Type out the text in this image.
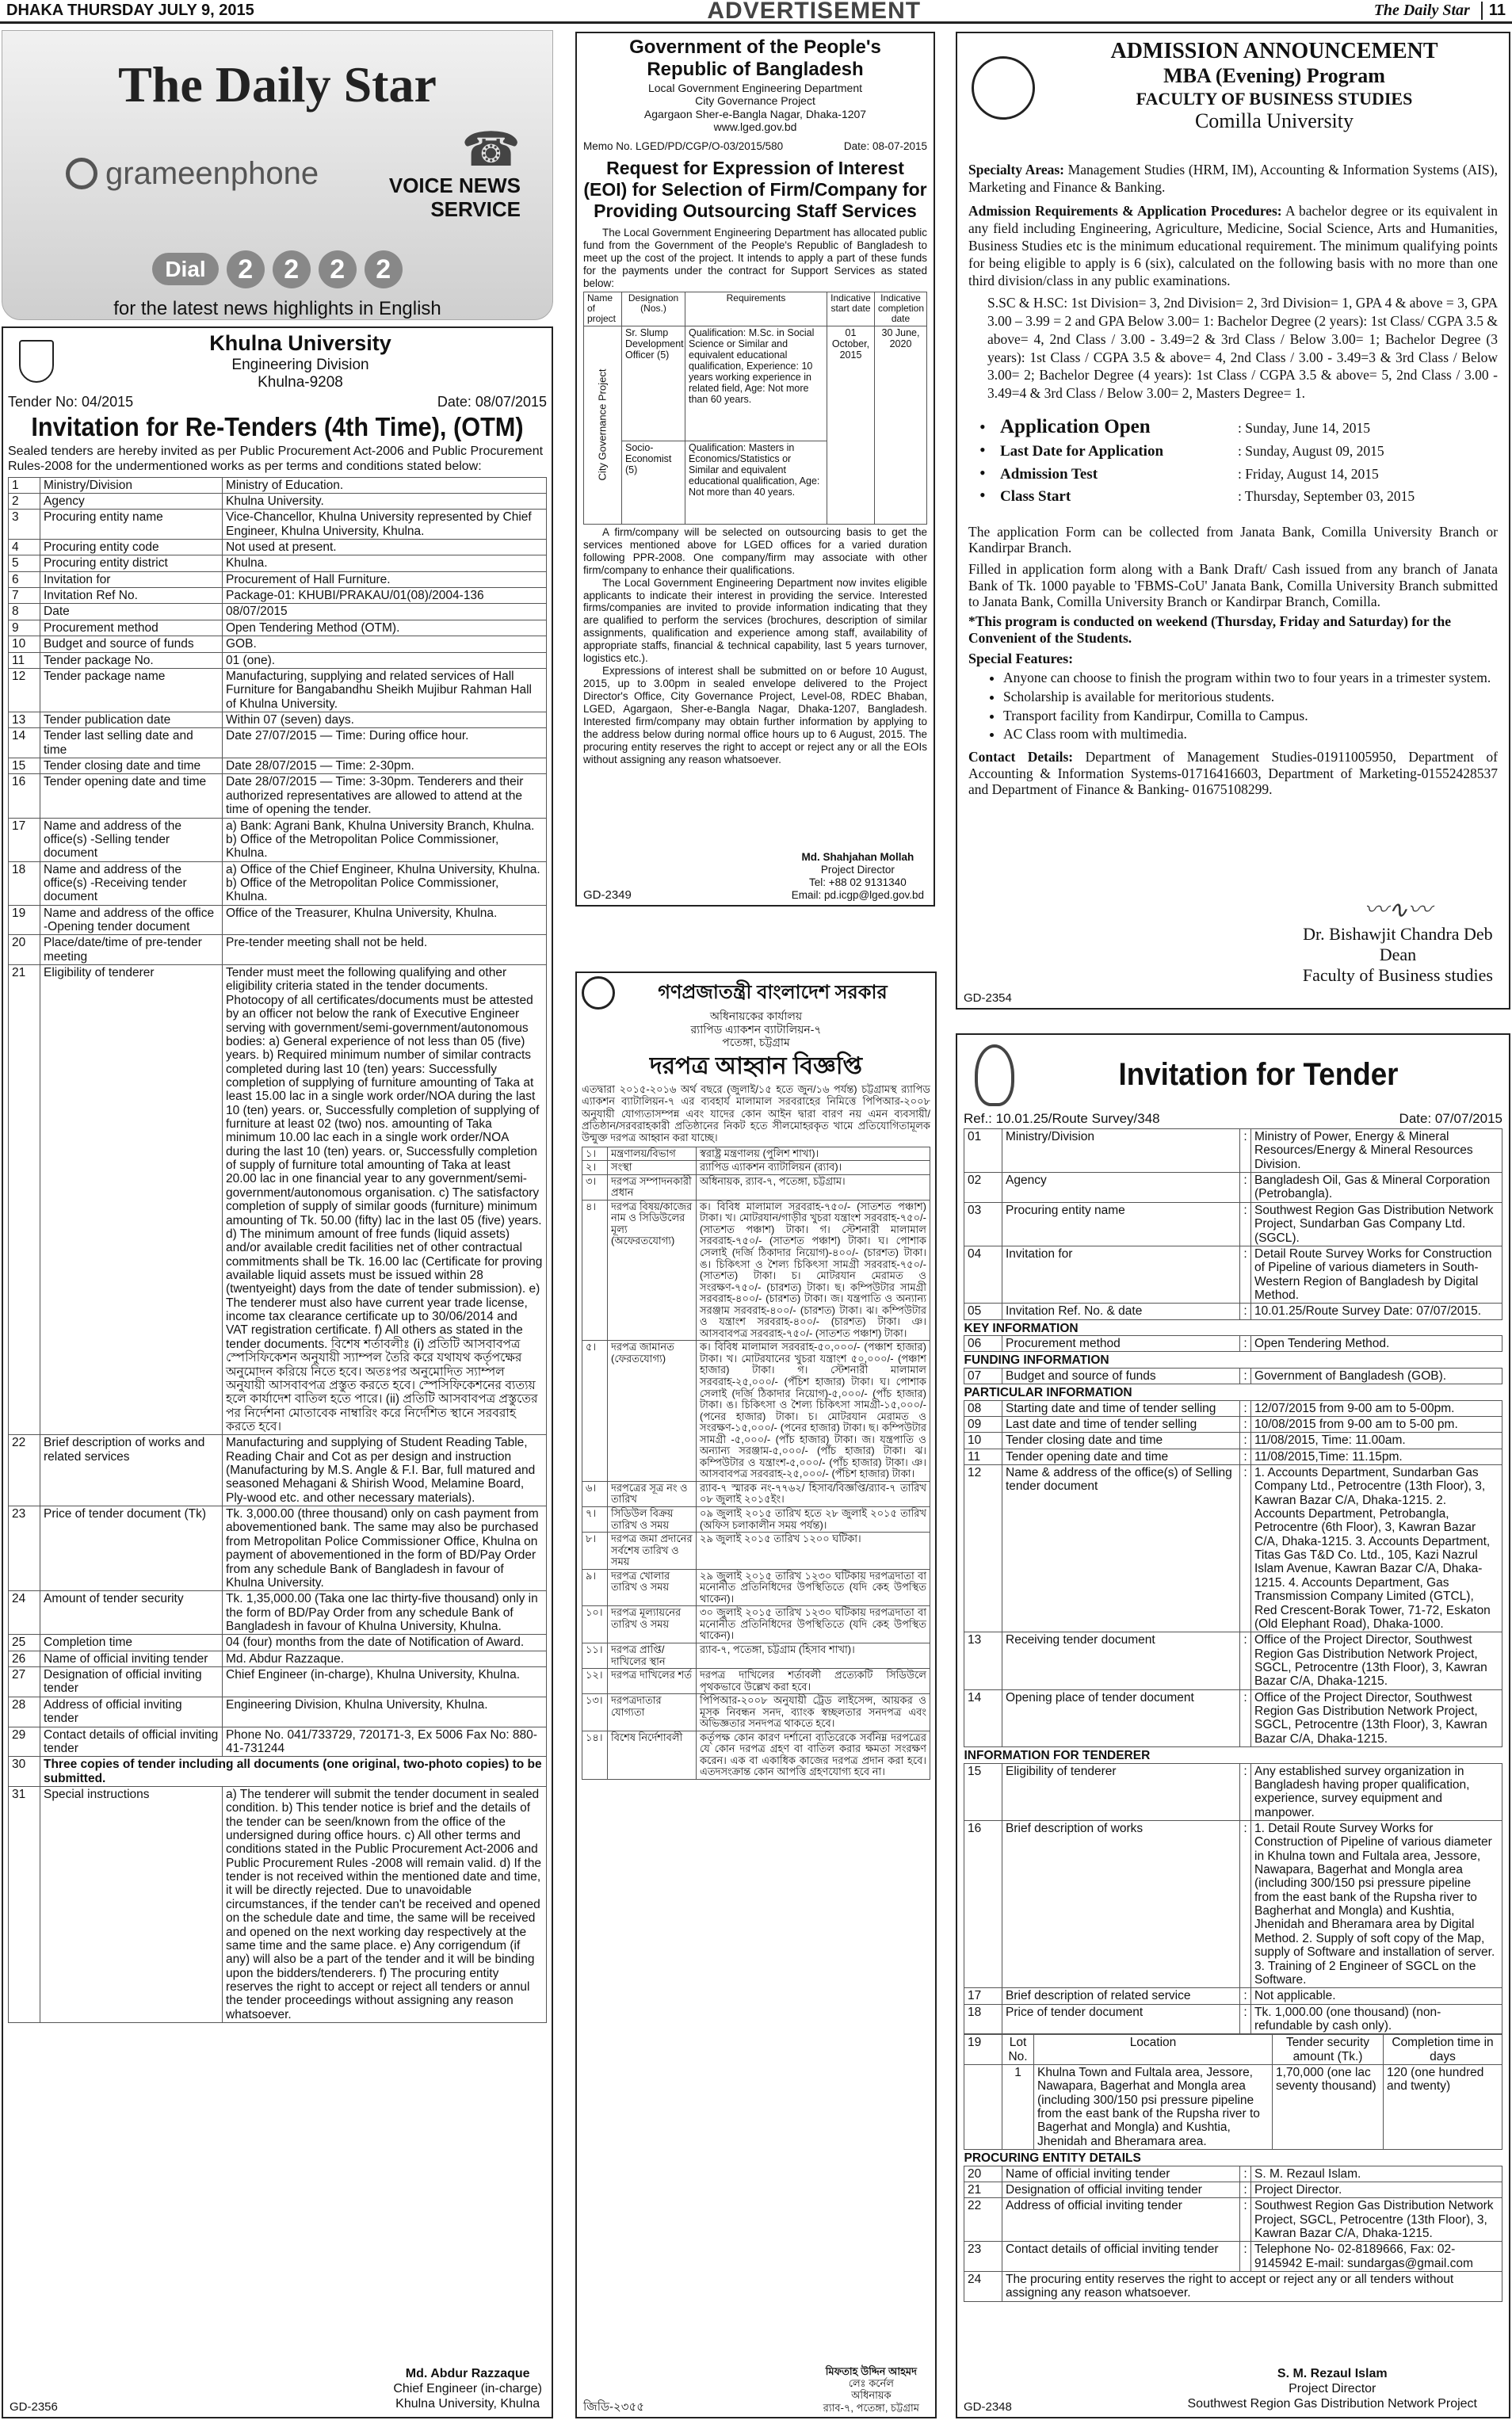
DHAKA THURSDAY JULY 9, 2015	ADVERTISEMENT	The Daily Star	11
The Daily Star
grameenphone	☎
VOICE NEWS SERVICE
Dial	2	2	2	2
for the latest news highlights in English
Khulna University
Engineering Division
Khulna-9208
Tender No: 04/2015	Date: 08/07/2015
Invitation for Re-Tenders (4th Time), (OTM)
Sealed tenders are hereby invited as per Public Procurement Act-2006 and Public Procurement Rules-2008 for the undermentioned works as per terms and conditions stated below:
1	Ministry/Division	Ministry of Education.
2	Agency	Khulna University.
3	Procuring entity name	Vice-Chancellor, Khulna University represented by Chief Engineer, Khulna University, Khulna.
4	Procuring entity code	Not used at present.
5	Procuring entity district	Khulna.
6	Invitation for	Procurement of Hall Furniture.
7	Invitation Ref No.	Package-01: KHUBI/PRAKAU/01(08)/2004-136
8	Date	08/07/2015
9	Procurement method	Open Tendering Method (OTM).
10	Budget and source of funds	GOB.
11	Tender package No.	01 (one).
12	Tender package name	Manufacturing, supplying and related services of Hall Furniture for Bangabandhu Sheikh Mujibur Rahman Hall of Khulna University.
13	Tender publication date	Within 07 (seven) days.
14	Tender last selling date and time	Date 27/07/2015 — Time: During office hour.
15	Tender closing date and time	Date 28/07/2015 — Time: 2-30pm.
16	Tender opening date and time	Date 28/07/2015 — Time: 3-30pm. Tenderers and their authorized representatives are allowed to attend at the time of opening the tender.
17	Name and address of the office(s) -Selling tender document	a) Bank: Agrani Bank, Khulna University Branch, Khulna. b) Office of the Metropolitan Police Commissioner, Khulna.
18	Name and address of the office(s) -Receiving tender document	a) Office of the Chief Engineer, Khulna University, Khulna. b) Office of the Metropolitan Police Commissioner, Khulna.
19	Name and address of the office -Opening tender document	Office of the Treasurer, Khulna University, Khulna.
20	Place/date/time of pre-tender meeting	Pre-tender meeting shall not be held.
21	Eligibility of tenderer	Tender must meet the following qualifying and other eligibility criteria stated in the tender documents. Photocopy of all certificates/documents must be attested by an officer not below the rank of Executive Engineer serving with government/semi-government/autonomous bodies: a) General experience of not less than 05 (five) years. b) Required minimum number of similar contracts completed during last 10 (ten) years: Successfully completion of supplying of furniture amounting of Taka at least 15.00 lac in a single work order/NOA during the last 10 (ten) years. or, Successfully completion of supplying of furniture at least 02 (two) nos. amounting of Taka minimum 10.00 lac each in a single work order/NOA during the last 10 (ten) years. or, Successfully completion of supply of furniture total amounting of Taka at least 20.00 lac in one financial year to any government/semi-government/autonomous organisation. c) The satisfactory completion of supply of similar goods (furniture) minimum amounting of Tk. 50.00 (fifty) lac in the last 05 (five) years. d) The minimum amount of free funds (liquid assets) and/or available credit facilities net of other contractual commitments shall be Tk. 16.00 lac (Certificate for proving available liquid assets must be issued within 28 (twentyeight) days from the date of tender submission). e) The tenderer must also have current year trade license, income tax clearance certificate up to 30/06/2014 and VAT registration certificate. f) All others as stated in the tender documents. বিশেষ শর্তাবলীঃ (i) প্রতিটি আসবাবপত্র স্পেসিফিকেশন অনুযায়ী স্যাম্পল তৈরি করে যথাযথ কর্তৃপক্ষের অনুমোদন করিয়ে নিতে হবে। অতঃপর অনুমোদিত স্যাম্পল অনুযায়ী আসবাবপত্র প্রস্তুত করতে হবে। স্পেসিফিকেশনের ব্যত্যয় হলে কার্যাদেশ বাতিল হতে পারে। (ii) প্রতিটি আসবাবপত্র প্রস্তুতের পর নির্দেশনা মোতাবেক নাম্বারিং করে নির্দেশিত স্থানে সরবরাহ করতে হবে।
22	Brief description of works and related services	Manufacturing and supplying of Student Reading Table, Reading Chair and Cot as per design and instruction (Manufacturing by M.S. Angle & F.I. Bar, full matured and seasoned Mehagani & Shirish Wood, Melamine Board, Ply-wood etc. and other necessary materials).
23	Price of tender document (Tk)	Tk. 3,000.00 (three thousand) only on cash payment from abovementioned bank. The same may also be purchased from Metropolitan Police Commissioner Office, Khulna on payment of abovementioned in the form of BD/Pay Order from any schedule Bank of Bangladesh in favour of Khulna University.
24	Amount of tender security	Tk. 1,35,000.00 (Taka one lac thirty-five thousand) only in the form of BD/Pay Order from any schedule Bank of Bangladesh in favour of Khulna University, Khulna.
25	Completion time	04 (four) months from the date of Notification of Award.
26	Name of official inviting tender	Md. Abdur Razzaque.
27	Designation of official inviting tender	Chief Engineer (in-charge), Khulna University, Khulna.
28	Address of official inviting tender	Engineering Division, Khulna University, Khulna.
29	Contact details of official inviting tender	Phone No. 041/733729, 720171-3, Ex 5006 Fax No: 880-41-731244
30	Three copies of tender including all documents (one original, two-photo copies) to be submitted.	
31	Special instructions	a) The tenderer will submit the tender document in sealed condition. b) This tender notice is brief and the details of the tender can be seen/known from the office of the undersigned during office hours. c) All other terms and conditions stated in the Public Procurement Act-2006 and Public Procurement Rules -2008 will remain valid. d) If the tender is not received within the mentioned date and time, it will be directly rejected. Due to unavoidable circumstances, if the tender can't be received and opened on the schedule date and time, the same will be received and opened on the next working day respectively at the same time and the same place. e) Any corrigendum (if any) will also be a part of the tender and it will be binding upon the bidders/tenderers. f) The procuring entity reserves the right to accept or reject all tenders or annul the tender proceedings without assigning any reason whatsoever.
Md. Abdur Razzaque
Chief Engineer (in-charge)
Khulna University, Khulna
GD-2356
Government of the People's
Republic of Bangladesh
Local Government Engineering Department
City Governance Project
Agargaon Sher-e-Bangla Nagar, Dhaka-1207
www.lged.gov.bd
Memo No. LGED/PD/CGP/O-03/2015/580	Date: 08-07-2015
Request for Expression of Interest (EOI) for Selection of Firm/Company for Providing Outsourcing Staff Services
The Local Government Engineering Department has allocated public fund from the Government of the People's Republic of Bangladesh to meet up the cost of the project. It intends to apply a part of these funds for the payments under the contract for Support Services as stated below:
Name of project	Designation (Nos.)	Requirements	Indicative start date	Indicative completion date

City Governance Project	Sr. Slump Development Officer (5)	Qualification: M.Sc. in Social Science or Similar and equivalent educational qualification, Experience: 10 years working experience in related field, Age: Not more than 60 years.	01 October, 2015	30 June, 2020
	Socio-Economist (5)	Qualification: Masters in Economics/Statistics or Similar and equivalent educational qualification, Age: Not more than 40 years.		
A firm/company will be selected on outsourcing basis to get the services mentioned above for LGED offices for a varied duration following PPR-2008. One company/firm may associate with other firm/company to enhance their qualifications.
The Local Government Engineering Department now invites eligible applicants to indicate their interest in providing the service. Interested firms/companies are invited to provide information indicating that they are qualified to perform the services (brochures, description of similar assignments, qualification and experience among staff, availability of appropriate staffs, financial & technical capability, last 5 years turnover, logistics etc.).
Expressions of interest shall be submitted on or before 10 August, 2015, up to 3.00pm in sealed envelope delivered to the Project Director's Office, City Governance Project, Level-08, RDEC Bhaban, LGED, Agargaon, Sher-e-Bangla Nagar, Dhaka-1207, Bangladesh. Interested firm/company may obtain further information by applying to the address below during normal office hours up to 6 August, 2015. The procuring entity reserves the right to accept or reject any or all the EOIs without assigning any reason whatsoever.
Md. Shahjahan Mollah
Project Director
Tel: +88 02 9131340
Email: pd.icgp@lged.gov.bd
GD-2349
গণপ্রজাতন্ত্রী বাংলাদেশ সরকার
অধিনায়কের কার্যালয়
র‍্যাপিড এ্যাকশন ব্যাটালিয়ন-৭
পতেঙ্গা, চট্টগ্রাম
দরপত্র আহ্বান বিজ্ঞপ্তি
এতদ্বারা ২০১৫-২০১৬ অর্থ বছরে (জুলাই/১৫ হতে জুন/১৬ পর্যন্ত) চট্টগ্রামস্থ র‍্যাপিড এ্যাকশন ব্যাটালিয়ন-৭ এর ব্যবহার্য মালামাল সরবরাহের নিমিত্তে পিপিআর-২০০৮ অনুযায়ী যোগ্যতাসম্পন্ন এবং যাদের কোন আইন দ্বারা বারণ নয় এমন ব্যবসায়ী/প্রতিষ্ঠান/সরবরাহকারী প্রতিষ্ঠানের নিকট হতে সীলমোহরকৃত খামে প্রতিযোগিতামূলক উন্মুক্ত দরপত্র আহ্বান করা যাচ্ছে।
১।	মন্ত্রণালয়/বিভাগ	স্বরাষ্ট্র মন্ত্রণালয় (পুলিশ শাখা)।
২।	সংস্থা	র‍্যাপিড এ্যাকশন ব্যাটালিয়ন (র‍্যাব)।
৩।	দরপত্র সম্পাদনকারী প্রধান	অধিনায়ক, র‍্যাব-৭, পতেঙ্গা, চট্টগ্রাম।
৪।	দরপত্র বিষয়/কাজের নাম ও সিডিউলের মূল্য (অফেরতযোগ্য)	ক। বিবিধ মালামাল সরবরাহ-৭৫০/- (সাতশত পঞ্চাশ) টাকা। খ। মোটরযান/গাড়ীর খুচরা যন্ত্রাংশ সরবরাহ-৭৫০/- (সাতশত পঞ্চাশ) টাকা। গ। স্টেশনারী মালামাল সরবরাহ-৭৫০/- (সাতশত পঞ্চাশ) টাকা। ঘ। পোশাক সেলাই (দর্জি ঠিকাদার নিয়োগ)-৪০০/- (চারশত) টাকা। ঙ। চিকিৎসা ও শৈল্য চিকিৎসা সামগ্রী সরবরাহ-৭৫০/- (সাতশত) টাকা। চ। মোটরযান মেরামত ও সংরক্ষণ-৭৫০/- (চারশত) টাকা। ছ। কম্পিউটার সামগ্রী সরবরাহ-৪০০/- (চারশত) টাকা। জ। যন্ত্রপাতি ও অন্যান্য সরঞ্জাম সরবরাহ-৪০০/- (চারশত) টাকা। ঝ। কম্পিউটার ও যন্ত্রাংশ সরবরাহ-৪০০/- (চারশত) টাকা। ঞ। আসবাবপত্র সরবরাহ-৭৫০/- (সাতশত পঞ্চাশ) টাকা।
৫।	দরপত্র জামানত (ফেরতযোগ্য)	ক। বিবিধ মালামাল সরবরাহ-৫০,০০০/- (পঞ্চাশ হাজার) টাকা। খ। মোটরযানের খুচরা যন্ত্রাংশ ৫০,০০০/- (পঞ্চাশ হাজার) টাকা। গ। স্টেশনারী মালামাল সরবরাহ-২৫,০০০/- (পঁচিশ হাজার) টাকা। ঘ। পোশাক সেলাই (দর্জি ঠিকাদার নিয়োগ)-৫,০০০/- (পাঁচ হাজার) টাকা। ঙ। চিকিৎসা ও শৈল্য চিকিৎসা সামগ্রী-১৫,০০০/- (পনের হাজার) টাকা। চ। মোটরযান মেরামত ও সংরক্ষণ-১৫,০০০/- (পনের হাজার) টাকা। ছ। কম্পিউটার সামগ্রী -৫,০০০/- (পাঁচ হাজার) টাকা। জ। যন্ত্রপাতি ও অন্যান্য সরঞ্জাম-৫,০০০/- (পাঁচ হাজার) টাকা। ঝ। কম্পিউটার ও যন্ত্রাংশ-৫,০০০/- (পাঁচ হাজার) টাকা। ঞ। আসবাবপত্র সরবরাহ-২৫,০০০/- (পঁচিশ হাজার) টাকা।
৬।	দরপত্রের সূত্র নং ও তারিখ	র‍্যাব-৭ স্মারক নং-৭৭৬২/ হিসাব/বিজ্ঞপ্তি/র‍্যাব-৭ তারিখ ০৮ জুলাই ২০১৫ইং।
৭।	সিডিউল বিক্রয় তারিখ ও সময়	০৯ জুলাই ২০১৫ তারিখ হতে ২৮ জুলাই ২০১৫ তারিখ (অফিস চলাকালীন সময় পর্যন্ত)।
৮।	দরপত্র জমা প্রদানের সর্বশেষ তারিখ ও সময়	২৯ জুলাই ২০১৫ তারিখ ১২০০ ঘটিকা।
৯।	দরপত্র খোলার তারিখ ও সময়	২৯ জুলাই ২০১৫ তারিখ ১২৩০ ঘটিকায় দরপত্রদাতা বা মনোনীত প্রতিনিধিদের উপস্থিতিতে (যদি কেহ উপস্থিত থাকেন)।
১০।	দরপত্র মূল্যায়নের তারিখ ও সময়	৩০ জুলাই ২০১৫ তারিখ ১২৩০ ঘটিকায় দরপত্রদাতা বা মনোনীত প্রতিনিধিদের উপস্থিতিতে (যদি কেহ উপস্থিত থাকেন)।
১১।	দরপত্র প্রাপ্তি/দাখিলের স্থান	র‍্যাব-৭, পতেঙ্গা, চট্টগ্রাম (হিসাব শাখা)।
১২।	দরপত্র দাখিলের শর্ত	দরপত্র দাখিলের শর্তাবলী প্রত্যেকটি সিডিউলে পৃথকভাবে উল্লেখ করা হবে।
১৩।	দরপত্রদাতার যোগ্যতা	পিপিআর-২০০৮ অনুযায়ী ট্রেড লাইসেন্স, আয়কর ও মূসক নিবন্ধন সনদ, ব্যাংক স্বচ্ছলতার সনদপত্র এবং অভিজ্ঞতার সনদপত্র থাকতে হবে।
১৪।	বিশেষ নির্দেশাবলী	কর্তৃপক্ষ কোন কারণ দর্শানো ব্যতিরেকে সর্বনিম্ন দরপত্রের যে কোন দরপত্র গ্রহণ বা বাতিল করার ক্ষমতা সংরক্ষণ করেন। এক বা একাধিক কাজের দরপত্র প্রদান করা হবে। এতদসংক্রান্ত কোন আপত্তি গ্রহণযোগ্য হবে না।
মিফতাহ উদ্দিন আহমদ
লেঃ কর্নেল
অধিনায়ক
র‍্যাব-৭, পতেঙ্গা, চট্টগ্রাম
জিডি-২৩৫৫
ADMISSION ANNOUNCEMENT
MBA (Evening) Program
FACULTY OF BUSINESS STUDIES
Comilla University
Specialty Areas: Management Studies (HRM, IM), Accounting & Information Systems (AIS), Marketing and Finance & Banking.
Admission Requirements & Application Procedures: A bachelor degree or its equivalent in any field including Engineering, Agriculture, Medicine, Social Science, Arts and Humanities, Business Studies etc is the minimum educational requirement. The minimum qualifying points for being eligible to apply is 6 (six), calculated on the following basis with no more than one third division/class in any public examinations.
S.SC & H.SC: 1st Division= 3, 2nd Division= 2, 3rd Division= 1, GPA 4 & above = 3, GPA 3.00 – 3.99 = 2 and GPA Below 3.00= 1: Bachelor Degree (2 years): 1st Class/ CGPA 3.5 & above= 4, 2nd Class / 3.00 - 3.49=2 & 3rd Class / Below 3.00= 1; Bachelor Degree (3 years): 1st Class / CGPA 3.5 & above= 4, 2nd Class / 3.00 - 3.49=3 & 3rd Class / Below 3.00= 2; Bachelor Degree (4 years): 1st Class / CGPA 3.5 & above= 5, 2nd Class / 3.00 - 3.49=4 & 3rd Class / Below 3.00= 2, Masters Degree= 1.
• Application Open	: Sunday, June 14, 2015
• Last Date for Application	: Sunday, August 09, 2015
• Admission Test	: Friday, August 14, 2015
• Class Start	: Thursday, September 03, 2015
The application Form can be collected from Janata Bank, Comilla University Branch or Kandirpar Branch.
Filled in application form along with a Bank Draft/ Cash issued from any branch of Janata Bank of Tk. 1000 payable to 'FBMS-CoU' Janata Bank, Comilla University Branch submitted to Janata Bank, Comilla University Branch or Kandirpar Branch, Comilla.
*This program is conducted on weekend (Thursday, Friday and Saturday) for the Convenient of the Students.
Special Features:
• Anyone can choose to finish the program within two to four years in a trimester system.
• Scholarship is available for meritorious students.
• Transport facility from Kandirpur, Comilla to Campus.
• AC Class room with multimedia.
Contact Details: Department of Management Studies-01911005950, Department of Accounting & Information Systems-01716416603, Department of Marketing-01552428537 and Department of Finance & Banking- 01675108299.
〰∿〰
Dr. Bishawjit Chandra Deb
Dean
Faculty of Business studies
GD-2354
Invitation for Tender
Ref.: 10.01.25/Route Survey/348	Date: 07/07/2015
01	Ministry/Division	:	Ministry of Power, Energy & Mineral Resources/Energy & Mineral Resources Division.
02	Agency	:	Bangladesh Oil, Gas & Mineral Corporation (Petrobangla).
03	Procuring entity name	:	Southwest Region Gas Distribution Network Project, Sundarban Gas Company Ltd. (SGCL).
04	Invitation for	:	Detail Route Survey Works for Construction of Pipeline of various diameters in South-Western Region of Bangladesh by Digital Method.
05	Invitation Ref. No. & date	:	10.01.25/Route Survey Date: 07/07/2015.
KEY INFORMATION			
06	Procurement method	:	Open Tendering Method.
FUNDING INFORMATION			
07	Budget and source of funds	:	Government of Bangladesh (GOB).
PARTICULAR INFORMATION			
08	Starting date and time of tender selling	:	12/07/2015 from 9-00 am to 5-00pm.
09	Last date and time of tender selling	:	10/08/2015 from 9-00 am to 5-00 pm.
10	Tender closing date and time	:	11/08/2015, Time: 11.00am.
11	Tender opening date and time	:	11/08/2015,Time: 11.15pm.
12	Name & address of the office(s) of Selling tender document	:	1. Accounts Department, Sundarban Gas Company Ltd., Petrocentre (13th Floor), 3, Kawran Bazar C/A, Dhaka-1215. 2. Accounts Department, Petrobangla, Petrocentre (6th Floor), 3, Kawran Bazar C/A, Dhaka-1215. 3. Accounts Department, Titas Gas T&D Co. Ltd., 105, Kazi Nazrul Islam Avenue, Kawran Bazar C/A, Dhaka-1215. 4. Accounts Department, Gas Transmission Company Limited (GTCL), Red Crescent-Borak Tower, 71-72, Eskaton (Old Elephant Road), Dhaka-1000.
13	Receiving tender document	:	Office of the Project Director, Southwest Region Gas Distribution Network Project, SGCL, Petrocentre (13th Floor), 3, Kawran Bazar C/A, Dhaka-1215.
14	Opening place of tender document	:	Office of the Project Director, Southwest Region Gas Distribution Network Project, SGCL, Petrocentre (13th Floor), 3, Kawran Bazar C/A, Dhaka-1215.
INFORMATION FOR TENDERER			
15	Eligibility of tenderer	:	Any established survey organization in Bangladesh having proper qualification, experience, survey equipment and manpower.
16	Brief description of works	:	1. Detail Route Survey Works for Construction of Pipeline of various diameter in Khulna town and Fultala area, Jessore, Nawapara, Bagerhat and Mongla area (including 300/150 psi pressure pipeline from the east bank of the Rupsha river to Bagherhat and Mongla) and Kushtia, Jhenidah and Bheramara area by Digital Method. 2. Supply of soft copy of the Map, supply of Software and installation of server. 3. Training of 2 Engineer of SGCL on the Software.
17	Brief description of related service	:	Not applicable.
18	Price of tender document	:	Tk. 1,000.00 (one thousand) (non-refundable by cash only).
19	Lot No.	Location	Tender security amount (Tk.)	Completion time in days
	1	Khulna Town and Fultala area, Jessore, Nawapara, Bagerhat and Mongla area (including 300/150 psi pressure pipeline from the east bank of the Rupsha river to Bagerhat and Mongla) and Kushtia, Jhenidah and Bheramara area.	1,70,000 (one lac seventy thousand)	120 (one hundred and twenty)
PROCURING ENTITY DETAILS			
20	Name of official inviting tender	:	S. M. Rezaul Islam.
21	Designation of official inviting tender	:	Project Director.
22	Address of official inviting tender	:	Southwest Region Gas Distribution Network Project, SGCL, Petrocentre (13th Floor), 3, Kawran Bazar C/A, Dhaka-1215.
23	Contact details of official inviting tender	:	Telephone No- 02-8189666, Fax: 02-9145942 E-mail: sundargas@gmail.com
24	The procuring entity reserves the right to accept or reject any or all tenders without assigning any reason whatsoever.		
S. M. Rezaul Islam
Project Director
Southwest Region Gas Distribution Network Project
GD-2348
